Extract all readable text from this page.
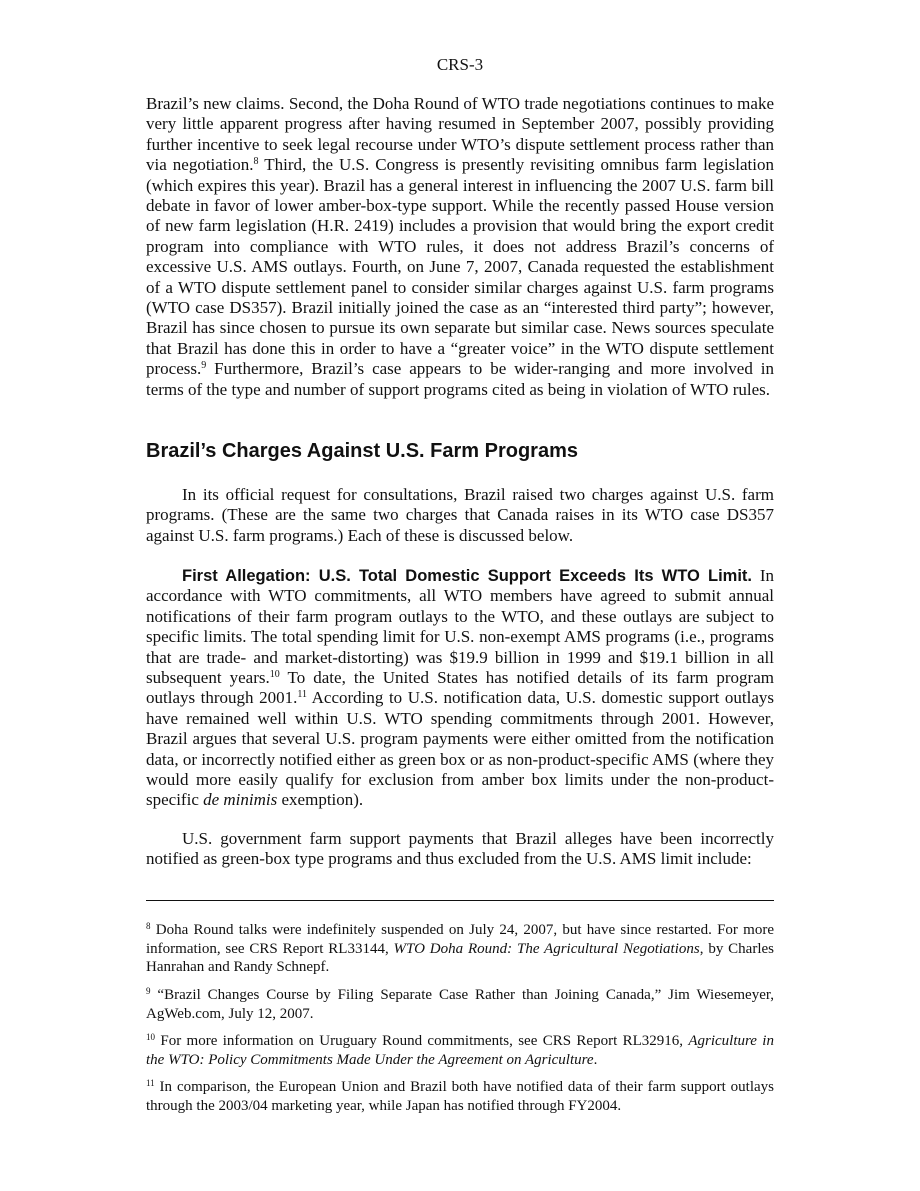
CRS-3

Brazil’s new claims. Second, the Doha Round of WTO trade negotiations continues to make very little apparent progress after having resumed in September 2007, possibly providing further incentive to seek legal recourse under WTO’s dispute settlement process rather than via negotiation.$^8$ Third, the U.S. Congress is presently revisiting omnibus farm legislation (which expires this year). Brazil has a general interest in influencing the 2007 U.S. farm bill debate in favor of lower amber-box-type support. While the recently passed House version of new farm legislation (H.R. 2419) includes a provision that would bring the export credit program into compliance with WTO rules, it does not address Brazil’s concerns of excessive U.S. AMS outlays. Fourth, on June 7, 2007, Canada requested the establishment of a WTO dispute settlement panel to consider similar charges against U.S. farm programs (WTO case DS357). Brazil initially joined the case as an “interested third party”; however, Brazil has since chosen to pursue its own separate but similar case. News sources speculate that Brazil has done this in order to have a “greater voice” in the WTO dispute settlement process.$^9$ Furthermore, Brazil’s case appears to be wider-ranging and more involved in terms of the type and number of support programs cited as being in violation of WTO rules.

Brazil’s Charges Against U.S. Farm Programs

In its official request for consultations, Brazil raised two charges against U.S. farm programs. (These are the same two charges that Canada raises in its WTO case DS357 against U.S. farm programs.) Each of these is discussed below.

First Allegation: U.S. Total Domestic Support Exceeds Its WTO Limit. In accordance with WTO commitments, all WTO members have agreed to submit annual notifications of their farm program outlays to the WTO, and these outlays are subject to specific limits. The total spending limit for U.S. non-exempt AMS programs (i.e., programs that are trade- and market-distorting) was $19.9 billion in 1999 and $19.1 billion in all subsequent years.$^{10}$ To date, the United States has notified details of its farm program outlays through 2001.11 According to U.S. notification data, U.S. domestic support outlays have remained well within U.S. WTO spending commitments through 2001. However, Brazil argues that several U.S. program payments were either omitted from the notification data, or incorrectly notified either as green box or as non-product-specific AMS (where they would more easily qualify for exclusion from amber box limits under the non-product-specific de minimis exemption).

U.S. government farm support payments that Brazil alleges have been incorrectly notified as green-box type programs and thus excluded from the U.S. AMS limit include:

$^8$ Doha Round talks were indefinitely suspended on July 24, 2007, but have since restarted. For more information, see CRS Report RL33144, WTO Doha Round: The Agricultural Negotiations, by Charles Hanrahan and Randy Schnepf.

$^9$ “Brazil Changes Course by Filing Separate Case Rather than Joining Canada,” Jim Wiesemeyer, AgWeb.com, July 12, 2007.

$^{10}$ For more information on Uruguary Round commitments, see CRS Report RL32916, Agriculture in the WTO: Policy Commitments Made Under the Agreement on Agriculture.

$^{11}$ In comparison, the European Union and Brazil both have notified data of their farm support outlays through the 2003/04 marketing year, while Japan has notified through FY2004.
